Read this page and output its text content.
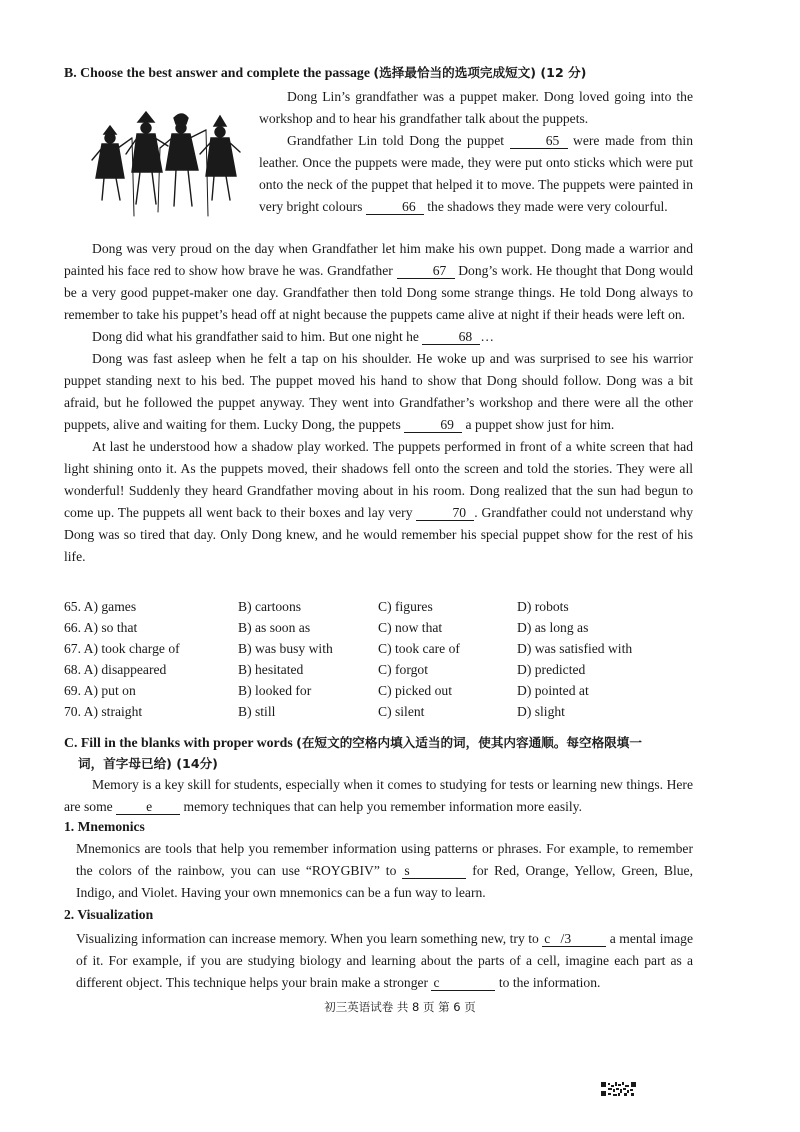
B. Choose the best answer and complete the passage (选择最恰当的选项完成短文) (12 分)

Dong Lin’s grandfather was a puppet maker. Dong loved going into the workshop and to hear his grandfather talk about the puppets.

Grandfather Lin told Dong the puppet	65 were made from thin leather. Once the puppets were made, they were put onto sticks which were put onto the neck of the puppet that helped it to move. The puppets were painted in very bright colours	66 the shadows they made were very colourful.

Dong was very proud on the day when Grandfather let him make his own puppet. Dong made a warrior and painted his face red to show how brave he was. Grandfather	67 Dong’s work. He thought that Dong would be a very good puppet-maker one day. Grandfather then told Dong some strange things. He told Dong always to remember to take his puppet’s head off at night because the puppets came alive at night if their heads were left on.

Dong did what his grandfather said to him. But one night he	68 …

Dong was fast asleep when he felt a tap on his shoulder. He woke up and was surprised to see his warrior puppet standing next to his bed. The puppet moved his hand to show that Dong should follow. Dong was a bit afraid, but he followed the puppet anyway. They went into Grandfather’s workshop and there were all the other puppets, alive and waiting for them. Lucky Dong, the puppets	69 a puppet show just for him.

At last he understood how a shadow play worked. The puppets performed in front of a white screen that had light shining onto it. As the puppets moved, their shadows fell onto the screen and told the stories. They were all wonderful! Suddenly they heard Grandfather moving about in his room. Dong realized that the sun had begun to come up. The puppets all went back to their boxes and lay very	70 . Grandfather could not understand why Dong was so tired that day. Only Dong knew, and he would remember his special puppet show for the rest of his life.

65. A) games	B) cartoons	C) figures	D) robots
66. A) so that	B) as soon as	C) now that	D) as long as
67. A) took charge of	B) was busy with	C) took care of	D) was satisfied with
68. A) disappeared	B) hesitated	C) forgot	D) predicted
69. A) put on	B) looked for	C) picked out	D) pointed at
70. A) straight	B) still	C) silent	D) slight
C. Fill in the blanks with proper words (在短文的空格内填入适当的词，使其内容通顺。每空格限填一
词，首字母已给) (14分)

Memory is a key skill for students, especially when it comes to studying for tests or learning new things. Here are some e memory techniques that can help you remember information more easily.

1. Mnemonics
Mnemonics are tools that help you remember information using patterns or phrases. For example, to remember the colors of the rainbow, you can use “ROYGBIV” to s	for Red, Orange, Yellow, Green, Blue, Indigo, and Violet. Having your own mnemonics can be a fun way to learn.
2. Visualization
Visualizing information can increase memory. When you learn something new, try to c /3	a mental image of it. For example, if you are studying biology and learning about the parts of a cell, imagine each part as a different object. This technique helps your brain make a stronger c	to the information.
初三英语试卷 共 8 页 第 6 页
